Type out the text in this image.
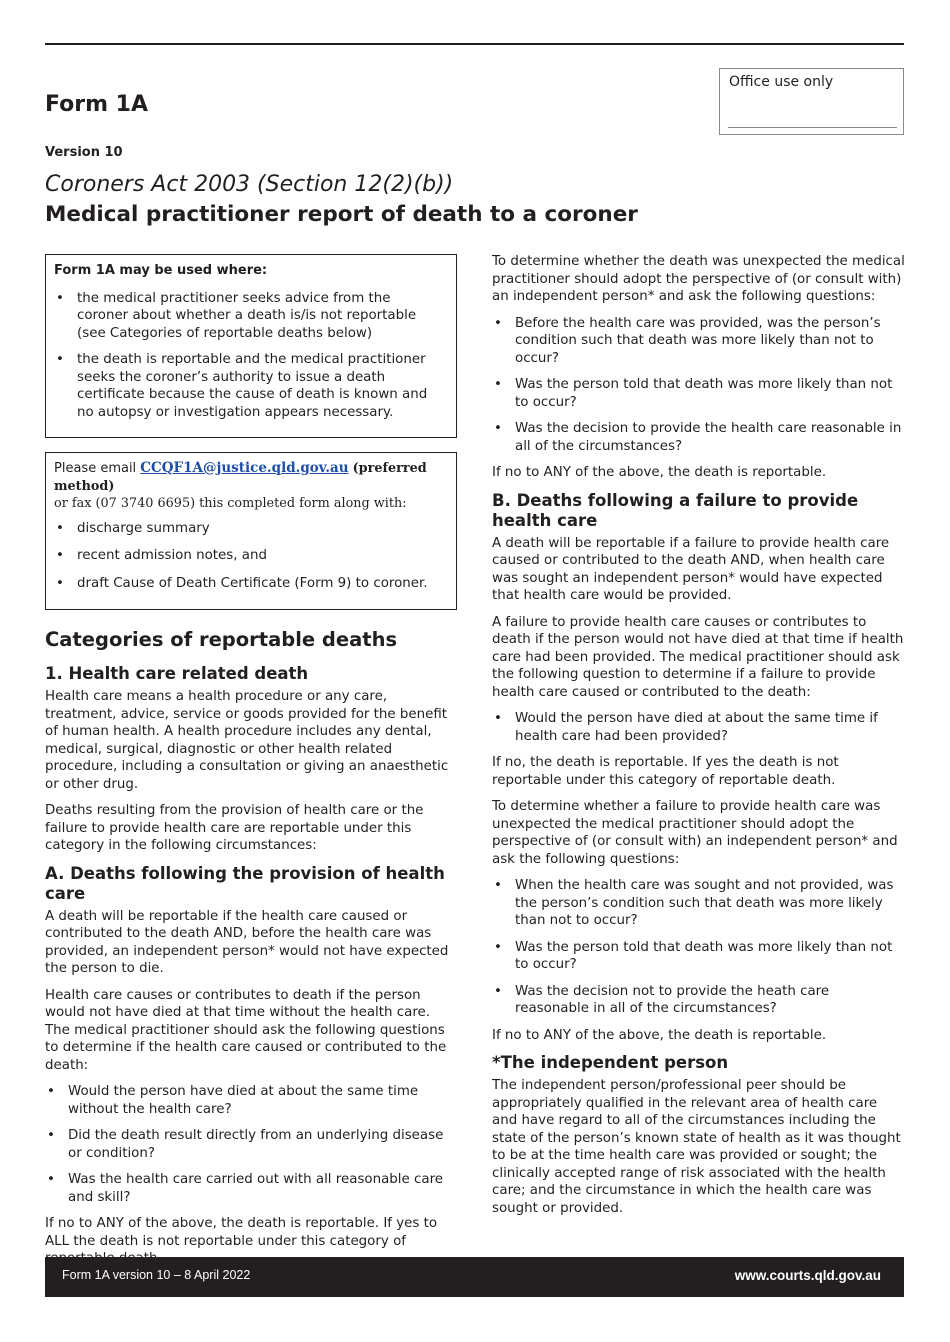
Form 1A
Office use only
Version 10
Coroners Act 2003 (Section 12(2)(b))
Medical practitioner report of death to a coroner
Form 1A may be used where:
• the medical practitioner seeks advice from the coroner about whether a death is/is not reportable (see Categories of reportable deaths below)
• the death is reportable and the medical practitioner seeks the coroner’s authority to issue a death certificate because the cause of death is known and no autopsy or investigation appears necessary.
Please email CCQF1A@justice.qld.gov.au (preferred method)
or fax (07 3740 6695) this completed form along with:
• discharge summary
• recent admission notes, and
• draft Cause of Death Certificate (Form 9) to coroner.
Categories of reportable deaths
1. Health care related death

Health care means a health procedure or any care, treatment, advice, service or goods provided for the benefit of human health. A health procedure includes any dental, medical, surgical, diagnostic or other health related procedure, including a consultation or giving an anaesthetic or other drug.

Deaths resulting from the provision of health care or the failure to provide health care are reportable under this category in the following circumstances:

A. Deaths following the provision of health care

A death will be reportable if the health care caused or contributed to the death AND, before the health care was provided, an independent person* would not have expected the person to die.

Health care causes or contributes to death if the person would not have died at that time without the health care. The medical practitioner should ask the following questions to determine if the health care caused or contributed to the death:

• Would the person have died at about the same time without the health care?
• Did the death result directly from an underlying disease or condition?
• Was the health care carried out with all reasonable care and skill?

If no to ANY of the above, the death is reportable. If yes to ALL the death is not reportable under this category of

To determine whether the death was unexpected the medical practitioner should adopt the perspective of (or consult with) an independent person* and ask the following questions:

• Before the health care was provided, was the person’s condition such that death was more likely than not to occur?
• Was the person told that death was more likely than not to occur?
• Was the decision to provide the health care reasonable in all of the circumstances?

If no to ANY of the above, the death is reportable.

B. Deaths following a failure to provide health care

A death will be reportable if a failure to provide health care caused or contributed to the death AND, when health care was sought an independent person* would have expected that health care would be provided.

A failure to provide health care causes or contributes to death if the person would not have died at that time if health care had been provided. The medical practitioner should ask the following question to determine if a failure to provide health care caused or contributed to the death:

• Would the person have died at about the same time if health care had been provided?

If no, the death is reportable. If yes the death is not reportable under this category of reportable death.

To determine whether a failure to provide health care was unexpected the medical practitioner should adopt the perspective of (or consult with) an independent person* and ask the following questions:

• When the health care was sought and not provided, was the person’s condition such that death was more likely than not to occur?
• Was the person told that death was more likely than not to occur?
• Was the decision not to provide the heath care reasonable in all of the circumstances?

If no to ANY of the above, the death is reportable.

*The independent person

The independent person/professional peer should be appropriately qualified in the relevant area of health care and have regard to all of the circumstances including the state of the person’s known state of health as it was thought to be at the time health care was provided or sought; the clinically accepted range of risk associated with the health care; and the circumstance in which the health care was sought or provided.

Form 1A version 10 – 8 April 2022	www.courts.qld.gov.au
